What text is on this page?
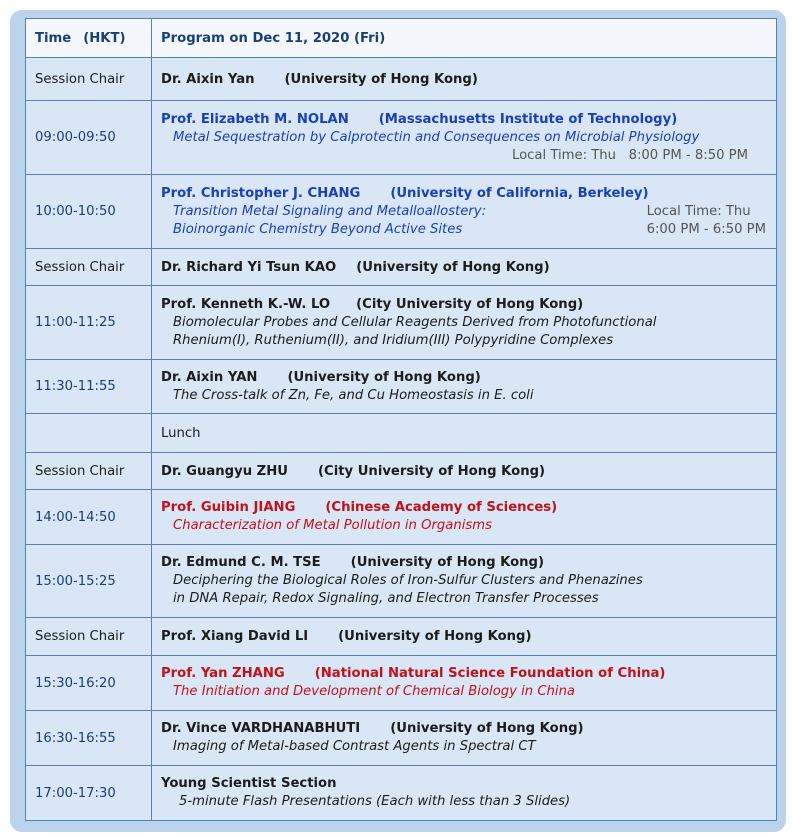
Time (HKT)	Program on Dec 11, 2020 (Fri)
Session Chair	Dr. Aixin Yan (University of Hong Kong)
09:00-09:50	Prof. Elizabeth M. NOLAN (Massachusetts Institute of Technology)
Metal Sequestration by Calprotectin and Consequences on Microbial Physiology
Local Time: Thu   8:00 PM - 8:50 PM

10:00-10:50	Prof. Christopher J. CHANG (University of California, Berkeley)
Transition Metal Signaling and Metalloallostery:
Bioinorganic Chemistry Beyond Active Sites
Local Time: Thu
6:00 PM - 6:50 PM

Session Chair	Dr. Richard Yi Tsun KAO (University of Hong Kong)
11:00-11:25	Prof. Kenneth K.-W. LO (City University of Hong Kong)
Biomolecular Probes and Cellular Reagents Derived from Photofunctional
Rhenium(I), Ruthenium(II), and Iridium(III) Polypyridine Complexes

11:30-11:55	Dr. Aixin YAN (University of Hong Kong)
The Cross-talk of Zn, Fe, and Cu Homeostasis in E. coli

	Lunch
Session Chair	Dr. Guangyu ZHU (City University of Hong Kong)
14:00-14:50	Prof. Guibin JIANG (Chinese Academy of Sciences)
Characterization of Metal Pollution in Organisms

15:00-15:25	Dr. Edmund C. M. TSE (University of Hong Kong)
Deciphering the Biological Roles of Iron-Sulfur Clusters and Phenazines
in DNA Repair, Redox Signaling, and Electron Transfer Processes

Session Chair	Prof. Xiang David LI (University of Hong Kong)
15:30-16:20	Prof. Yan ZHANG (National Natural Science Foundation of China)
The Initiation and Development of Chemical Biology in China

16:30-16:55	Dr. Vince VARDHANABHUTI (University of Hong Kong)
Imaging of Metal-based Contrast Agents in Spectral CT

17:00-17:30	Young Scientist Section
5-minute Flash Presentations (Each with less than 3 Slides)
